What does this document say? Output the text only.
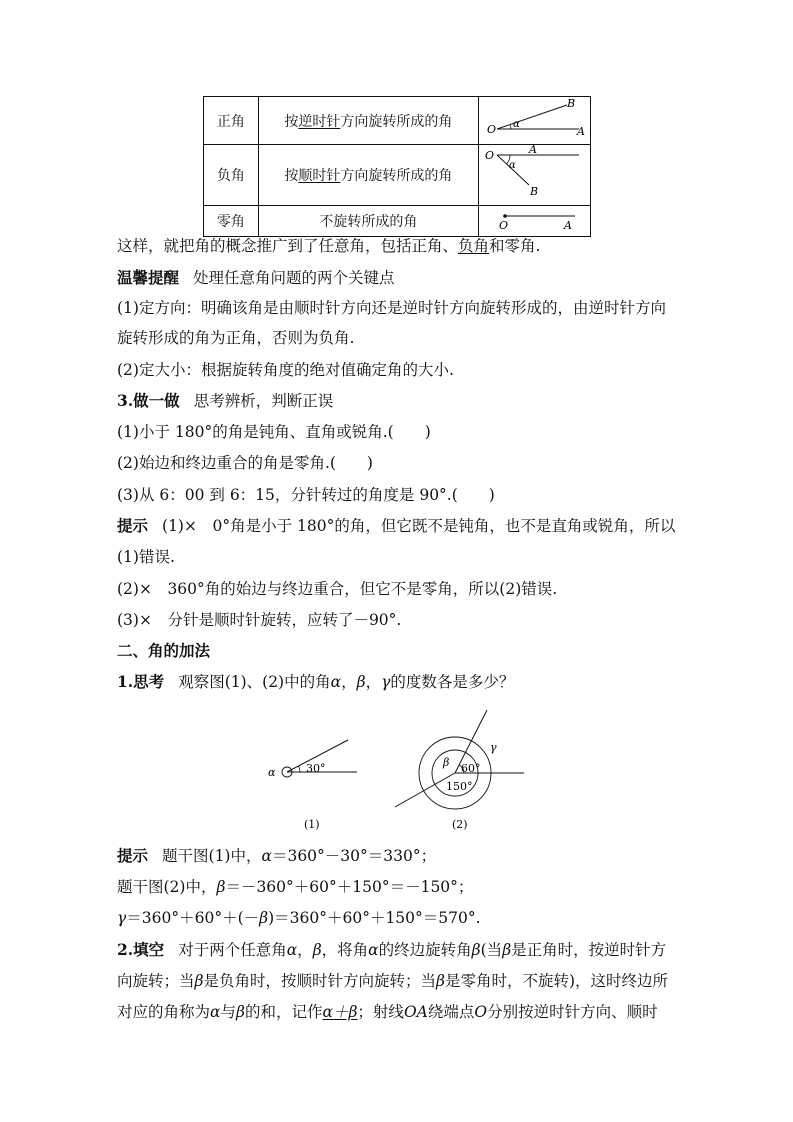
正角	按逆时针方向旋转所成的角	O α
A
B

负角	按顺时针方向旋转所成的角	O
α
A
B

零角	不旋转所成的角	O A
这样，就把角的概念推广到了任意角，包括正角、负角和零角.
温馨提醒 处理任意角问题的两个关键点
(1)定方向：明确该角是由顺时针方向还是逆时针方向旋转形成的，由逆时针方向
旋转形成的角为正角，否则为负角.
(2)定大小：根据旋转角度的绝对值确定角的大小.
3.做一做 思考辨析，判断正误
(1)小于 180°的角是钝角、直角或锐角.(　　)
(2)始边和终边重合的角是零角.(　　)
(3)从 6：00 到 6：15，分针转过的角度是 90°.(　　)
提示 (1)×　0°角是小于 180°的角，但它既不是钝角，也不是直角或锐角，所以
(1)错误.
(2)×　360°角的始边与终边重合，但它不是零角，所以(2)错误.
(3)×　分针是顺时针旋转，应转了－90°.
二、角的加法
1.思考 观察图(1)、(2)中的角α，β，γ的度数各是多少？
α	30°
(1)
β
γ
60°
150°
(2)
提示 题干图(1)中，α＝360°－30°＝330°；
题干图(2)中，β＝－360°＋60°＋150°＝－150°；
γ＝360°＋60°＋(－β)＝360°＋60°＋150°＝570°.
2.填空 对于两个任意角α，β，将角α的终边旋转角β(当β是正角时，按逆时针方
向旋转；当β是负角时，按顺时针方向旋转；当β是零角时，不旋转)，这时终边所
对应的角称为α与β的和，记作α＋β；射线OA绕端点O分别按逆时针方向、顺时
